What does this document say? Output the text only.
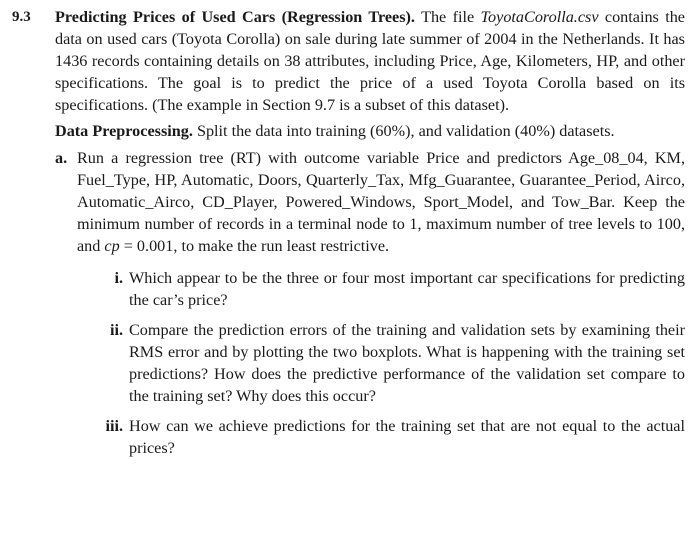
9.3 Predicting Prices of Used Cars (Regression Trees). The file ToyotaCorolla.csv contains the data on used cars (Toyota Corolla) on sale during late summer of 2004 in the Netherlands. It has 1436 records containing details on 38 attributes, including Price, Age, Kilometers, HP, and other specifications. The goal is to predict the price of a used Toyota Corolla based on its specifications. (The example in Section 9.7 is a subset of this dataset).

Data Preprocessing. Split the data into training (60%), and validation (40%) datasets.

a. Run a regression tree (RT) with outcome variable Price and predictors Age_08_04, KM, Fuel_Type, HP, Automatic, Doors, Quarterly_Tax, Mfg_Guarantee, Guarantee_Period, Airco, Automatic_Airco, CD_Player, Powered_Windows, Sport_Model, and Tow_Bar. Keep the minimum number of records in a terminal node to 1, maximum number of tree levels to 100, and cp = 0.001, to make the run least restrictive.
i. Which appear to be the three or four most important car specifications for predicting the car’s price?
ii. Compare the prediction errors of the training and validation sets by examining their RMS error and by plotting the two boxplots. What is happening with the training set predictions? How does the predictive performance of the validation set compare to the training set? Why does this occur?
iii. How can we achieve predictions for the training set that are not equal to the actual prices?
